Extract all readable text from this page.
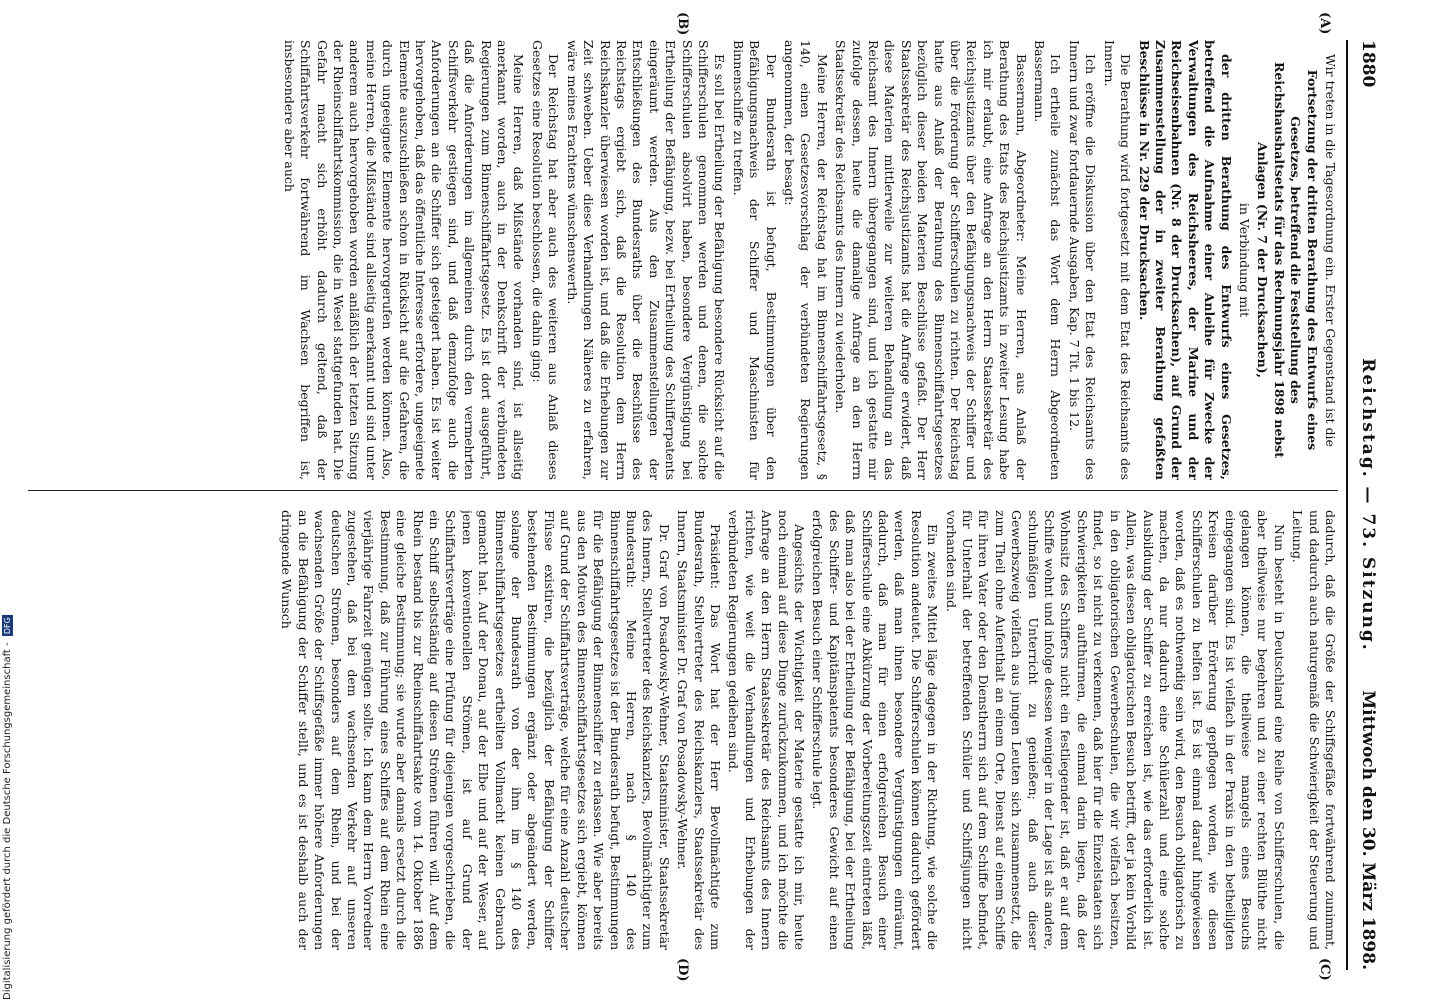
1880
Reichstag. — 73. Sitzung.
Mittwoch den 30. März 1898.
(A)
(B)
(C)
(D)

Wir treten in die Tagesordnung ein. Erster Gegenstand ist die

Fortsetzung der dritten Berathung des Entwurfs eines Gesetzes, betreffend die Feststellung des Reichshaushaltsetats für das Rechnungsjahr 1898 nebst Anlagen (Nr. 7 der Drucksachen),

in Verbindung mit

der dritten Berathung des Entwurfs eines Gesetzes, betreffend die Aufnahme einer Anleihe für Zwecke der Verwaltungen des Reichsheeres, der Marine und der Reichseisenbahnen (Nr. 8 der Drucksachen), auf Grund der Zusammenstellung der in zweiter Berathung gefaßten Beschlüsse in Nr. 229 der Drucksachen.

Die Berathung wird fortgesetzt mit dem Etat des Reichsamts des Innern.

Ich eröffne die Diskussion über den Etat des Reichsamts des Innern und zwar fortdauernde Ausgaben, Kap. 7 Tit. 1 bis 12.

Ich ertheile zunächst das Wort dem Herrn Abgeordneten Bassermann.

Bassermann, Abgeordneter: Meine Herren, aus Anlaß der Berathung des Etats des Reichsjustizamts in zweiter Lesung habe ich mir erlaubt, eine Anfrage an den Herrn Staatssekretär des Reichsjustizamts über den Befähigungsnachweis der Schiffer und über die Förderung der Schifferschulen zu richten. Der Reichstag hatte aus Anlaß der Berathung des Binnenschiffahrtsgesetzes bezüglich dieser beiden Materien Beschlüsse gefaßt. Der Herr Staatssekretär des Reichsjustizamts hat die Anfrage erwidert, daß diese Materien mittlerweile zur weiteren Behandlung an das Reichsamt des Innern übergegangen sind, und ich gestatte mir zufolge dessen, heute die damalige Anfrage an den Herrn Staatssekretär des Reichsamts des Innern zu wiederholen.

Meine Herren, der Reichstag hat im Binnenschiffahrtsgesetz, § 140, einen Gesetzesvorschlag der verbündeten Regierungen angenommen, der besagt:

Der Bundesrath ist befugt, Bestimmungen über den Befähigungsnachweis der Schiffer und Maschinisten für Binnenschiffe zu treffen.

Es soll bei Ertheilung der Befähigung besondere Rücksicht auf die Schifferschulen genommen werden und denen, die solche Schifferschulen absolvirt haben, besondere Vergünstigung bei Ertheilung der Befähigung, bezw. bei Ertheilung des Schifferpatents eingeräumt werden. Aus den Zusammenstellungen der Entschließungen des Bundesraths über die Beschlüsse des Reichstags ergiebt sich, daß die Resolution dem Herrn Reichskanzler überwiesen worden ist, und daß die Erhebungen zur Zeit schweben. Ueber diese Verhandlungen Näheres zu erfahren, wäre meines Erachtens wünschenswerth.

Der Reichstag hat aber auch des weiteren aus Anlaß dieses Gesetzes eine Resolution beschlossen, die dahin ging:

Meine Herren, daß Mißstände vorhanden sind, ist allseitig anerkannt worden, auch in der Denkschrift der verbündeten Regierungen zum Binnenschiffahrtsgesetz. Es ist dort ausgeführt, daß die Anforderungen im allgemeinen durch den vermehrten Schiffsverkehr gestiegen sind, und daß demzufolge auch die Anforderungen an die Schiffer sich gesteigert haben. Es ist weiter hervorgehoben, daß das öffentliche Interesse erfordere, ungeeignete Elemente auszuschließen schon in Rücksicht auf die Gefahren, die durch ungeeignete Elemente hervorgerufen werden können. Also, meine Herren, die Mißstände sind allseitig anerkannt und sind unter anderem auch hervorgehoben worden anläßlich der letzten Sitzung der Rheinschiffahrtskommission, die in Wesel stattgefunden hat. Die Gefahr macht sich erhöht dadurch geltend, daß der Schiffahrtsverkehr fortwährend im Wachsen begriffen ist, insbesondere aber auch

dadurch, daß die Größe der Schiffsgefäße fortwährend zunimmt, und dadurch auch naturgemäß die Schwierigkeit der Steuerung und Leitung.

Nun besteht in Deutschland eine Reihe von Schifferschulen, die aber theilweise nur begehren und zu einer rechten Blüthe nicht gelangen können, die theilweise mangels eines Besuchs eingegangen sind. Es ist vielfach in der Praxis in den betheiligten Kreisen darüber Erörterung gepflogen worden, wie diesen Schifferschulen zu helfen ist. Es ist einmal darauf hingewiesen worden, daß es nothwendig sein wird, den Besuch obligatorisch zu machen, da nur dadurch eine Schülerzahl und eine solche Ausbildung der Schiffer zu erreichen ist, wie das erforderlich ist. Allein, was diesen obligatorischen Besuch betrifft, der ja kein Vorbild in den obligatorischen Gewerbeschulen, die wir vielfach besitzen, findet, so ist nicht zu verkennen, daß hier für die Einzelstaaten sich Schwierigkeiten aufthürmen, die einmal darin liegen, daß der Wohnsitz des Schiffers nicht ein festliegender ist, daß er auf dem Schiffe wohnt und infolge dessen weniger in der Lage ist als andere, schulmäßigen Unterricht zu genießen; daß auch dieser Gewerbszweig vielfach aus jungen Leuten sich zusammensetzt, die zum Theil ohne Aufenthalt an einem Orte, Dienst auf einem Schiffe für ihren Vater oder den Dienstherrn sich auf dem Schiffe befindet, für Unterhalt der betreffenden Schüler und Schiffsjungen nicht vorhanden sind.

Ein zweites Mittel läge dagegen in der Richtung, wie solche die Resolution andeutet. Die Schifferschulen können dadurch gefördert werden, daß man ihnen besondere Vergünstigungen einräumt, dadurch, daß man für einen erfolgreichen Besuch einer Schifferschule eine Abkürzung der Vorbereitungszeit eintreten läßt, daß man also bei der Ertheilung der Befähigung, bei der Ertheilung des Schiffer- und Kapitänspatents besonderes Gewicht auf einen erfolgreichen Besuch einer Schifferschule legt.

Angesichts der Wichtigkeit der Materie gestatte ich mir, heute noch einmal auf diese Dinge zurückzukommen, und ich möchte die Anfrage an den Herrn Staatssekretär des Reichsamts des Innern richten, wie weit die Verhandlungen und Erhebungen der verbündeten Regierungen gediehen sind.

Präsident: Das Wort hat der Herr Bevollmächtigte zum Bundesrath, Stellvertreter des Reichskanzlers, Staatssekretär des Innern, Staatsminister Dr. Graf von Posadowsky-Wehner.

Dr. Graf von Posadowsky-Wehner, Staatsminister, Staatssekretär des Innern, Stellvertreter des Reichskanzlers, Bevollmächtigter zum Bundesrath: Meine Herren, nach § 140 des Binnenschiffahrtsgesetzes ist der Bundesrath befugt, Bestimmungen für die Befähigung der Binnenschiffer zu erlassen. Wie aber bereits aus den Motiven des Binnenschiffahrtsgesetzes sich ergiebt, können auf Grund der Schiffahrtsverträge, welche für eine Anzahl deutscher Flüsse existiren, die bezüglich der Befähigung der Schiffer bestehenden Bestimmungen ergänzt oder abgeändert werden, solange der Bundesrath von der ihm im § 140 des Binnenschiffahrtsgesetzes ertheilten Vollmacht keinen Gebrauch gemacht hat. Auf der Donau, auf der Elbe und auf der Weser, auf jenen konventionellen Strömen, ist auf Grund der Schiffahrtsverträge eine Prüfung für diejenigen vorgeschrieben, die ein Schiff selbstständig auf diesen Strömen führen will. Auf dem Rhein bestand bis zur Rheinschiffahrtsakte vom 14. Oktober 1886 eine gleiche Bestimmung; sie wurde aber damals ersetzt durch die Bestimmung, daß zur Führung eines Schiffes auf dem Rhein eine vierjährige Fahrzeit genügen sollte. Ich kann dem Herrn Vorredner zugestehen, daß bei dem wachsenden Verkehr auf unseren deutschen Strömen, besonders auf dem Rhein, und bei der wachsenden Größe der Schiffsgefäße immer höhere Anforderungen an die Befähigung der Schiffer stellt, und es ist deshalb auch der dringende Wunsch

Digitalisierung gefördert durch die Deutsche Forschungsgemeinschaft - DFG
